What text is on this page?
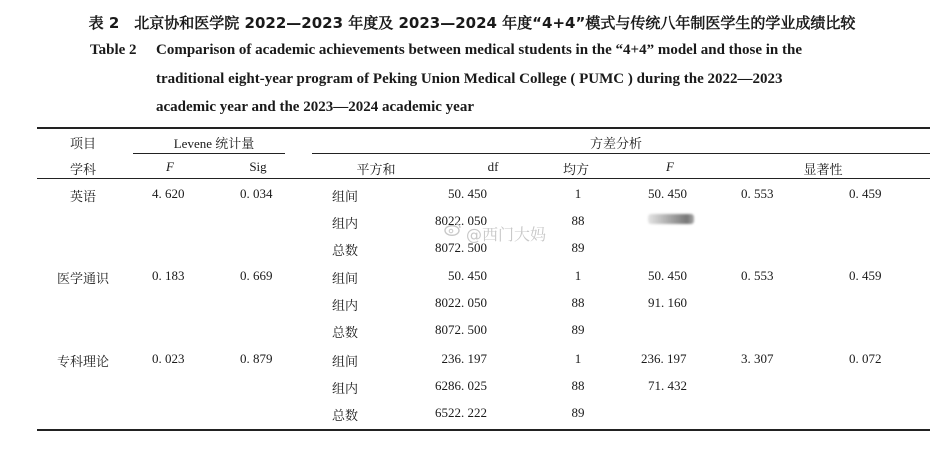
表 2　北京协和医学院 2022—2023 年度及 2023—2024 年度“4+4”模式与传统八年制医学生的学业成绩比较
Table 2 Comparison of academic achievements between medical students in the “4+4” model and those in the
traditional eight-year program of Peking Union Medical College ( PUMC ) during the 2022—2023
academic year and the 2023—2024 academic year
项目	Levene 统计量	方差分析
学科	F	Sig	平方和	df	均方	F	显著性
英语	4. 620	0. 034	组间	50. 450	1	50. 450	0. 553	0. 459
组内	8022. 050	88
总数	8072. 500	89
医学通识	0. 183	0. 669	组间	50. 450	1	50. 450	0. 553	0. 459
组内	8022. 050	88	91. 160
总数	8072. 500	89
专科理论	0. 023	0. 879	组间	236. 197	1	236. 197	3. 307	0. 072
组内	6286. 025	88	71. 432
总数	6522. 222	89
@西门大妈
